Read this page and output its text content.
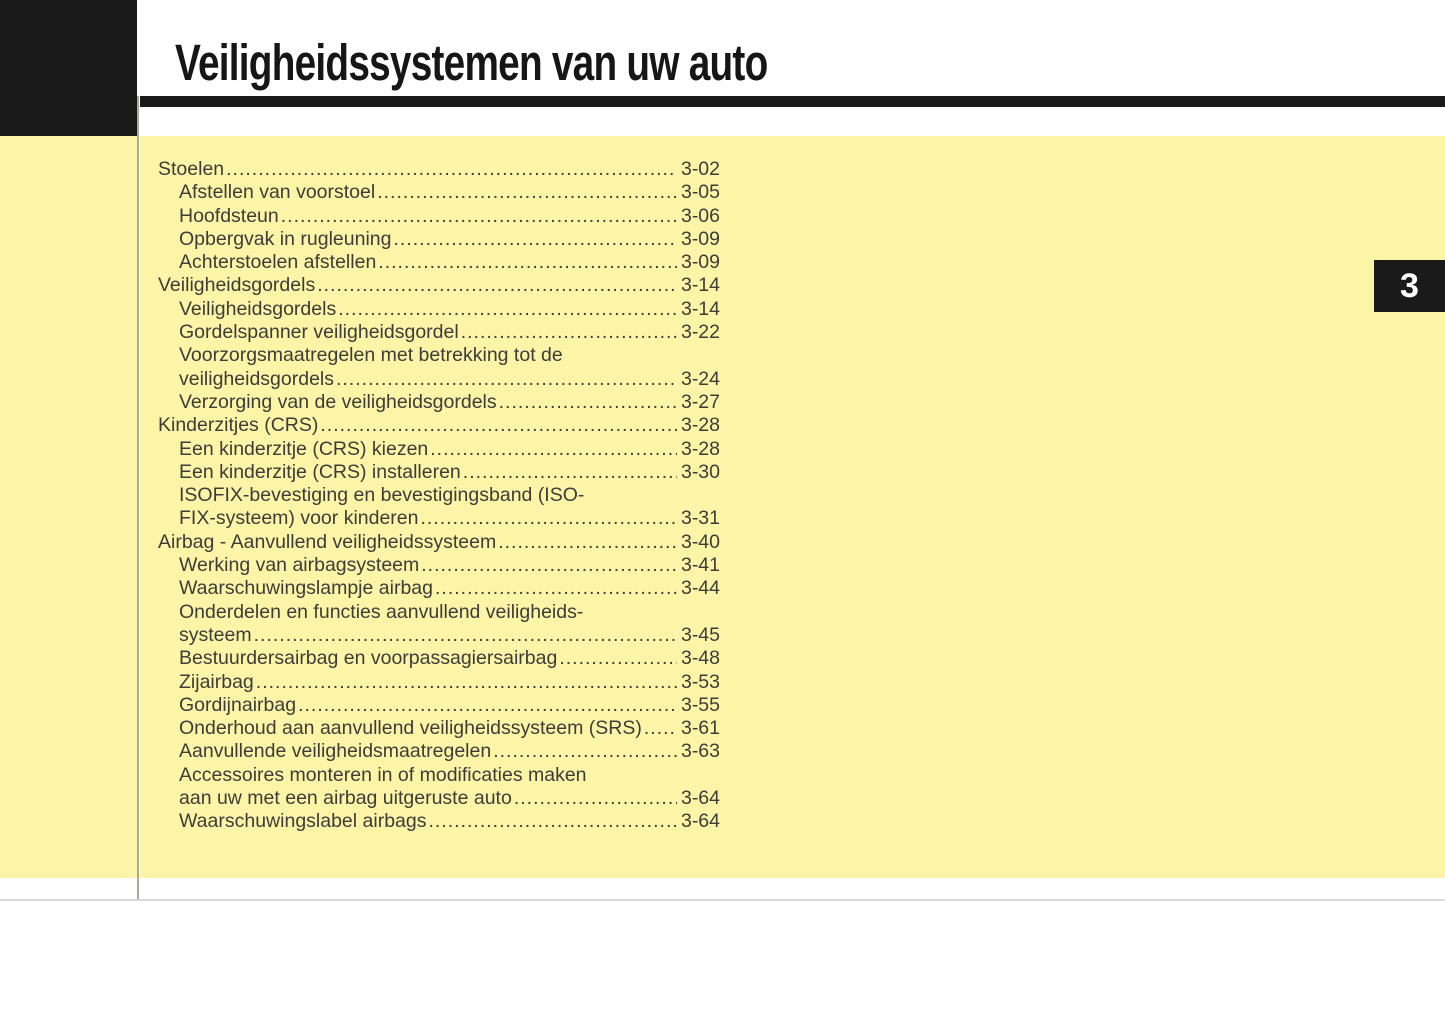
Veiligheidssystemen van uw auto
Stoelen .....	3-02
Afstellen van voorstoel .....	3-05
Hoofdsteun .....	3-06
Opbergvak in rugleuning .....	3-09
Achterstoelen afstellen .....	3-09
Veiligheidsgordels .....	3-14
Veiligheidsgordels .....	3-14
Gordelspanner veiligheidsgordel .....	3-22
Voorzorgsmaatregelen met betrekking tot de
veiligheidsgordels .....	3-24
Verzorging van de veiligheidsgordels .....	3-27
Kinderzitjes (CRS) .....	3-28
Een kinderzitje (CRS) kiezen .....	3-28
Een kinderzitje (CRS) installeren .....	3-30
ISOFIX-bevestiging en bevestigingsband (ISO-
FIX-systeem) voor kinderen .....	3-31
Airbag - Aanvullend veiligheidssysteem .....	3-40
Werking van airbagsysteem .....	3-41
Waarschuwingslampje airbag .....	3-44
Onderdelen en functies aanvullend veiligheids-
systeem .....	3-45
Bestuurdersairbag en voorpassagiersairbag .....	3-48
Zijairbag .....	3-53
Gordijnairbag .....	3-55
Onderhoud aan aanvullend veiligheidssysteem (SRS) ..... 3-61
Aanvullende veiligheidsmaatregelen .....	3-63
Accessoires monteren in of modificaties maken
aan uw met een airbag uitgeruste auto .....	3-64
Waarschuwingslabel airbags .....	3-64
3
